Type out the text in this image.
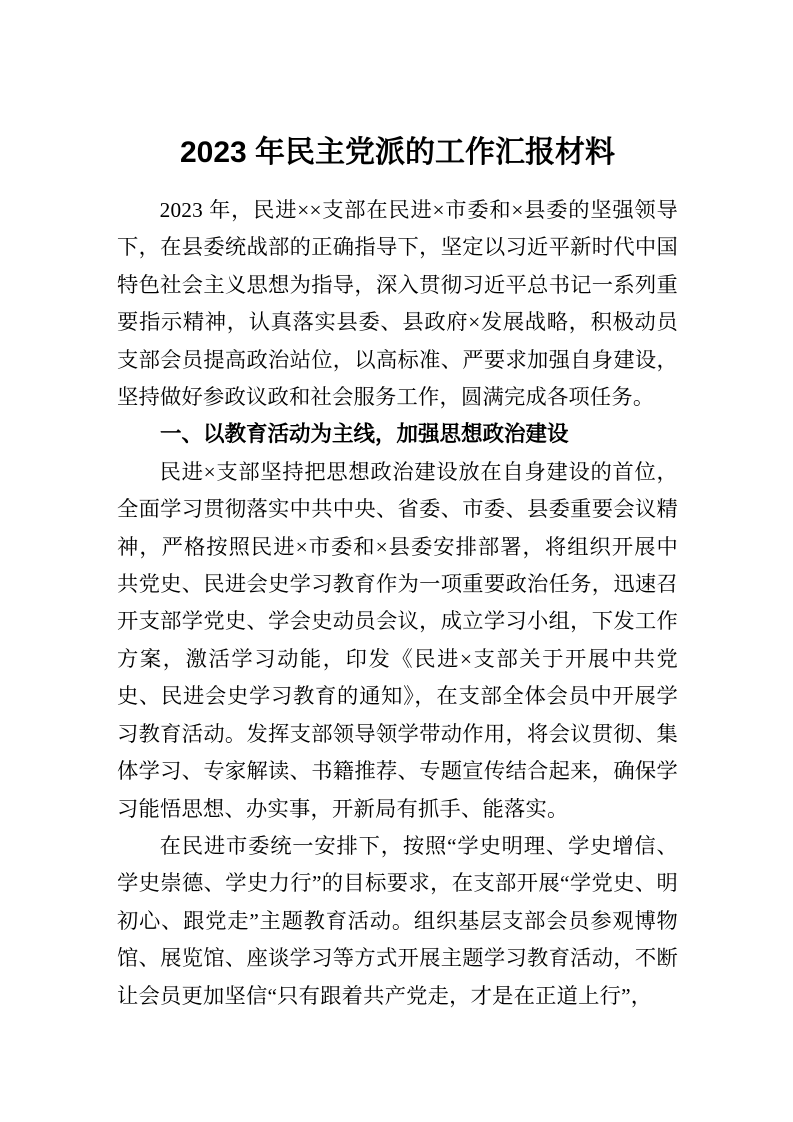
2023 年民主党派的工作汇报材料

2023 年，民进××支部在民进×市委和×县委的坚强领导下，在县委统战部的正确指导下，坚定以习近平新时代中国特色社会主义思想为指导，深入贯彻习近平总书记一系列重要指示精神，认真落实县委、县政府×发展战略，积极动员支部会员提高政治站位，以高标准、严要求加强自身建设，坚持做好参政议政和社会服务工作，圆满完成各项任务。

一、以教育活动为主线，加强思想政治建设

民进×支部坚持把思想政治建设放在自身建设的首位，全面学习贯彻落实中共中央、省委、市委、县委重要会议精神，严格按照民进×市委和×县委安排部署，将组织开展中共党史、民进会史学习教育作为一项重要政治任务，迅速召开支部学党史、学会史动员会议，成立学习小组，下发工作方案，激活学习动能，印发《民进×支部关于开展中共党史、民进会史学习教育的通知》，在支部全体会员中开展学习教育活动。发挥支部领导领学带动作用，将会议贯彻、集体学习、专家解读、书籍推荐、专题宣传结合起来，确保学习能悟思想、办实事，开新局有抓手、能落实。

在民进市委统一安排下，按照“学史明理、学史增信、学史崇德、学史力行”的目标要求，在支部开展“学党史、明初心、跟党走”主题教育活动。组织基层支部会员参观博物馆、展览馆、座谈学习等方式开展主题学习教育活动，不断让会员更加坚信“只有跟着共产党走，才是在正道上行”，
